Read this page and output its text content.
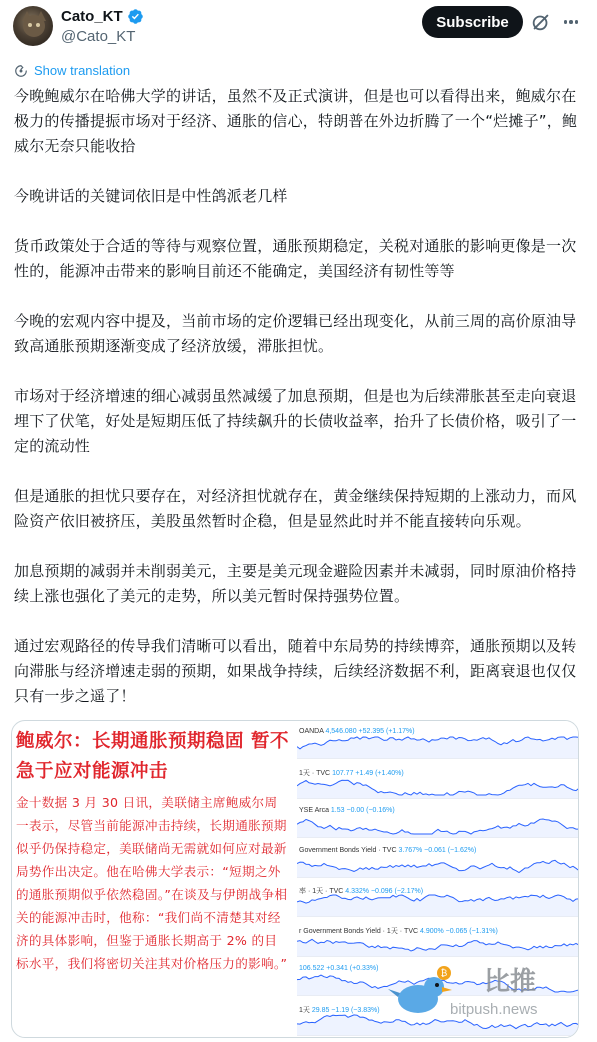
Cato_KT
@Cato_KT
Subscribe
Show translation

今晚鲍威尔在哈佛大学的讲话，虽然不及正式演讲，但是也可以看得出来，鲍威尔在极力的传播提振市场对于经济、通胀的信心，特朗普在外边折腾了一个“烂摊子”，鲍威尔无奈只能收拾

今晚讲话的关键词依旧是中性鸽派老几样

货币政策处于合适的等待与观察位置，通胀预期稳定，关税对通胀的影响更像是一次性的，能源冲击带来的影响目前还不能确定，美国经济有韧性等等

今晚的宏观内容中提及，当前市场的定价逻辑已经出现变化，从前三周的高价原油导致高通胀预期逐渐变成了经济放缓，滞胀担忧。

市场对于经济增速的细心减弱虽然减缓了加息预期，但是也为后续滞胀甚至走向衰退埋下了伏笔，好处是短期压低了持续飙升的长债收益率，抬升了长债价格，吸引了一定的流动性

但是通胀的担忧只要存在，对经济担忧就存在，黄金继续保持短期的上涨动力，而风险资产依旧被挤压，美股虽然暂时企稳，但是显然此时并不能直接转向乐观。

加息预期的减弱并未削弱美元，主要是美元现金避险因素并未减弱，同时原油价格持续上涨也强化了美元的走势，所以美元暂时保持强势位置。

通过宏观路径的传导我们清晰可以看出，随着中东局势的持续博弈，通胀预期以及转向滞胀与经济增速走弱的预期，如果战争持续，后续经济数据不利，距离衰退也仅仅只有一步之遥了！

鲍威尔：长期通胀预期稳固 暂不急于应对能源冲击
金十数据 3 月 30 日讯，美联储主席鲍威尔周一表示，尽管当前能源冲击持续，长期通胀预期似乎仍保持稳定，美联储尚无需就如何应对最新局势作出决定。他在哈佛大学表示：“短期之外的通胀预期似乎依然稳固。”在谈及与伊朗战争相关的能源冲击时，他称：“我们尚不清楚其对经济的具体影响，但鉴于通胀长期高于 2% 的目标水平，我们将密切关注其对价格压力的影响。”
OANDA 4,546.080 +52.395 (+1.17%)
1天 · TVC 107.77 +1.49 (+1.40%)
YSE Arca 1.53 −0.00 (−0.16%)
Government Bonds Yield · TVC 3.767% −0.061 (−1.62%)
率 · 1天 · TVC 4.332% −0.096 (−2.17%)
r Government Bonds Yield · 1天 · TVC 4.900% −0.065 (−1.31%)
106.522 +0.341 (+0.33%)
1天 29.85 −1.19 (−3.83%)
₿ 比推
bitpush.news
